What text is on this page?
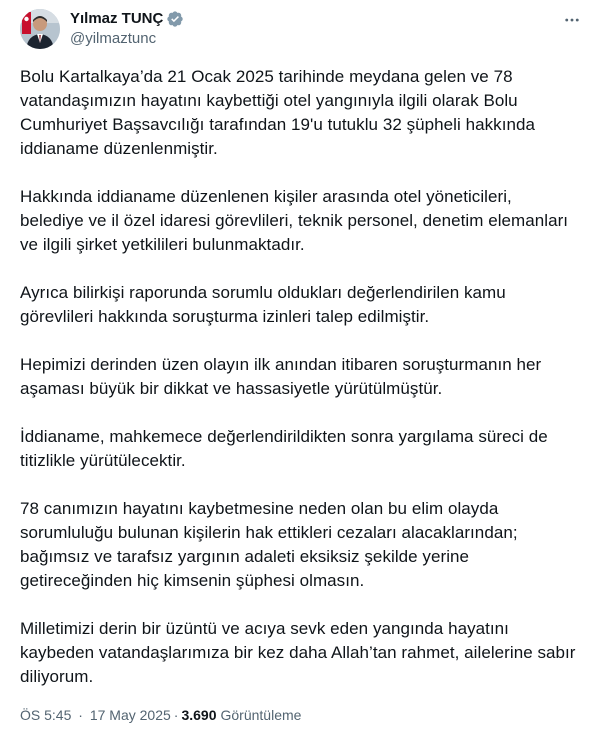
Yılmaz TUNÇ
@yilmaztunc

Bolu Kartalkaya’da 21 Ocak 2025 tarihinde meydana gelen ve 78
vatandaşımızın hayatını kaybettiği otel yangınıyla ilgili olarak Bolu
Cumhuriyet Başsavcılığı tarafından 19'u tutuklu 32 şüpheli hakkında
iddianame düzenlenmiştir.

Hakkında iddianame düzenlenen kişiler arasında otel yöneticileri,
belediye ve il özel idaresi görevlileri, teknik personel, denetim elemanları
ve ilgili şirket yetkilileri bulunmaktadır.

Ayrıca bilirkişi raporunda sorumlu oldukları değerlendirilen kamu
görevlileri hakkında soruşturma izinleri talep edilmiştir.

Hepimizi derinden üzen olayın ilk anından itibaren soruşturmanın her
aşaması büyük bir dikkat ve hassasiyetle yürütülmüştür.

İddianame, mahkemece değerlendirildikten sonra yargılama süreci de
titizlikle yürütülecektir.

78 canımızın hayatını kaybetmesine neden olan bu elim olayda
sorumluluğu bulunan kişilerin hak ettikleri cezaları alacaklarından;
bağımsız ve tarafsız yargının adaleti eksiksiz şekilde yerine
getireceğinden hiç kimsenin şüphesi olmasın.

Milletimizi derin bir üzüntü ve acıya sevk eden yangında hayatını
kaybeden vatandaşlarımıza bir kez daha Allah’tan rahmet, ailelerine sabır
diliyorum.

ÖS 5:45 · 17 May 2025 · 3.690 Görüntüleme
